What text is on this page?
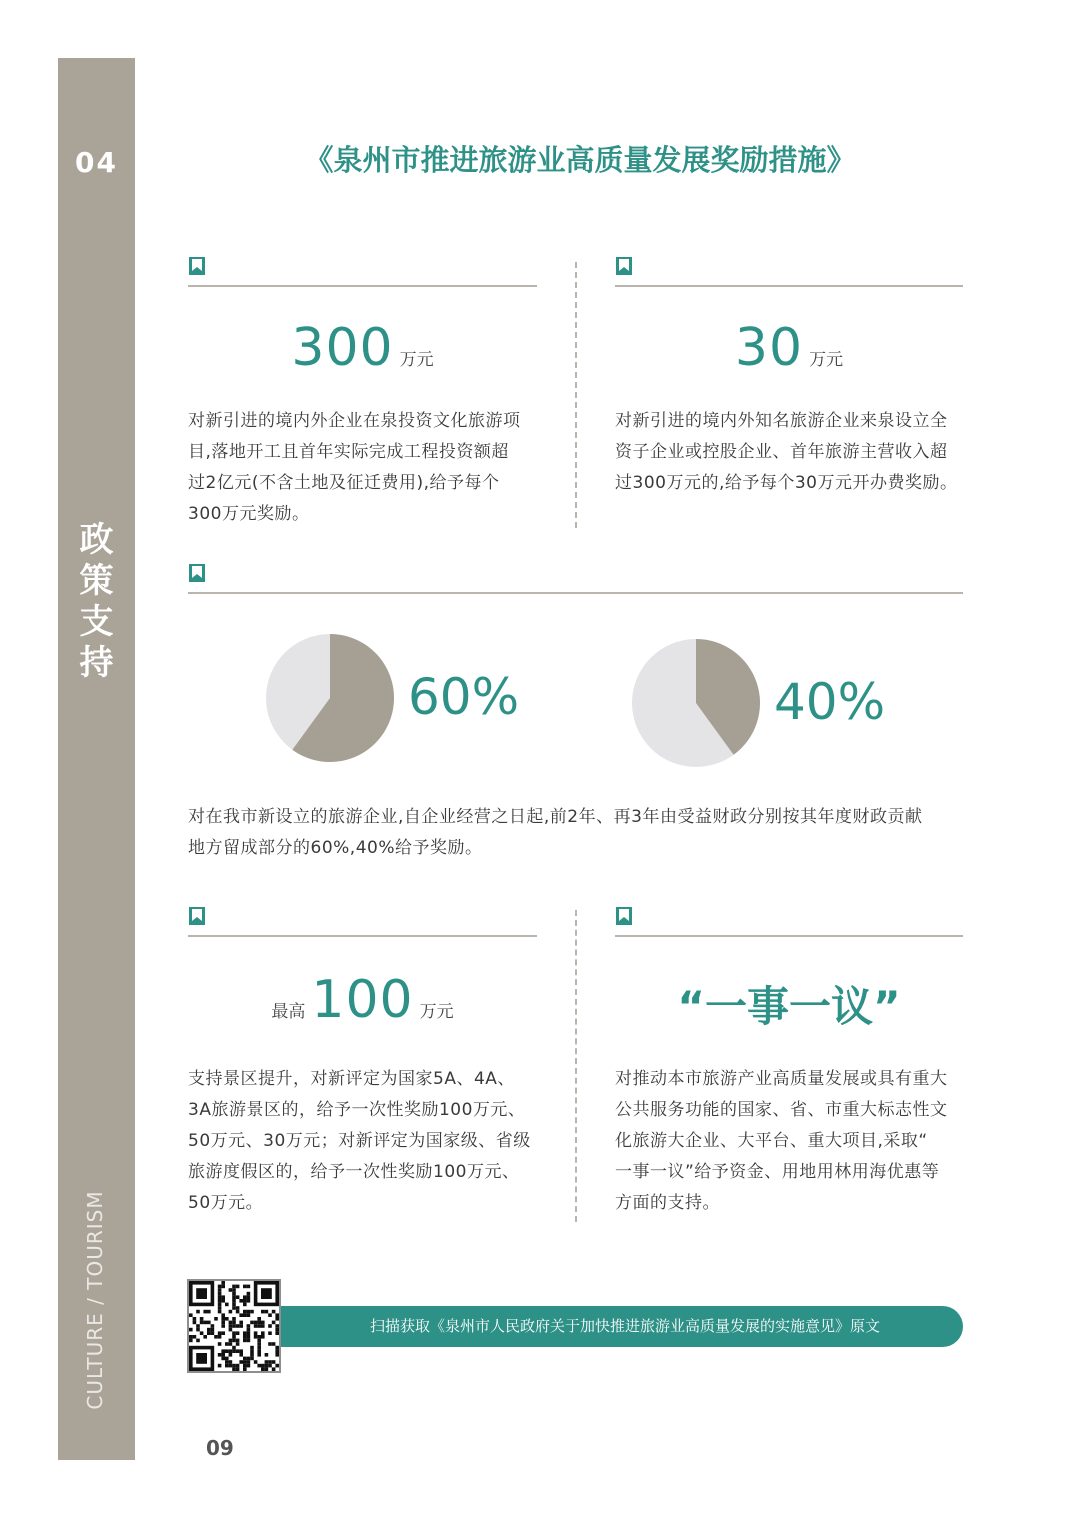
04
政
策
支
持
CULTURE / TOURISM
《泉州市推进旅游业高质量发展奖励措施》
300 万元
对新引进的境内外企业在泉投资文化旅游项
目,落地开工且首年实际完成工程投资额超
过2亿元(不含土地及征迁费用),给予每个
300万元奖励。
30 万元
对新引进的境内外知名旅游企业来泉设立全
资子企业或控股企业、首年旅游主营收入超
过300万元的,给予每个30万元开办费奖励。
60%	40%
对在我市新设立的旅游企业,自企业经营之日起,前2年、再3年由受益财政分别按其年度财政贡献
地方留成部分的60%,40%给予奖励。
最高 100 万元
支持景区提升，对新评定为国家5A、4A、
3A旅游景区的，给予一次性奖励100万元、
50万元、30万元；对新评定为国家级、省级
旅游度假区的，给予一次性奖励100万元、
50万元。
“一事一议”
对推动本市旅游产业高质量发展或具有重大
公共服务功能的国家、省、市重大标志性文
化旅游大企业、大平台、重大项目,采取“
一事一议”给予资金、用地用林用海优惠等
方面的支持。
扫描获取《泉州市人民政府关于加快推进旅游业高质量发展的实施意见》原文
09
